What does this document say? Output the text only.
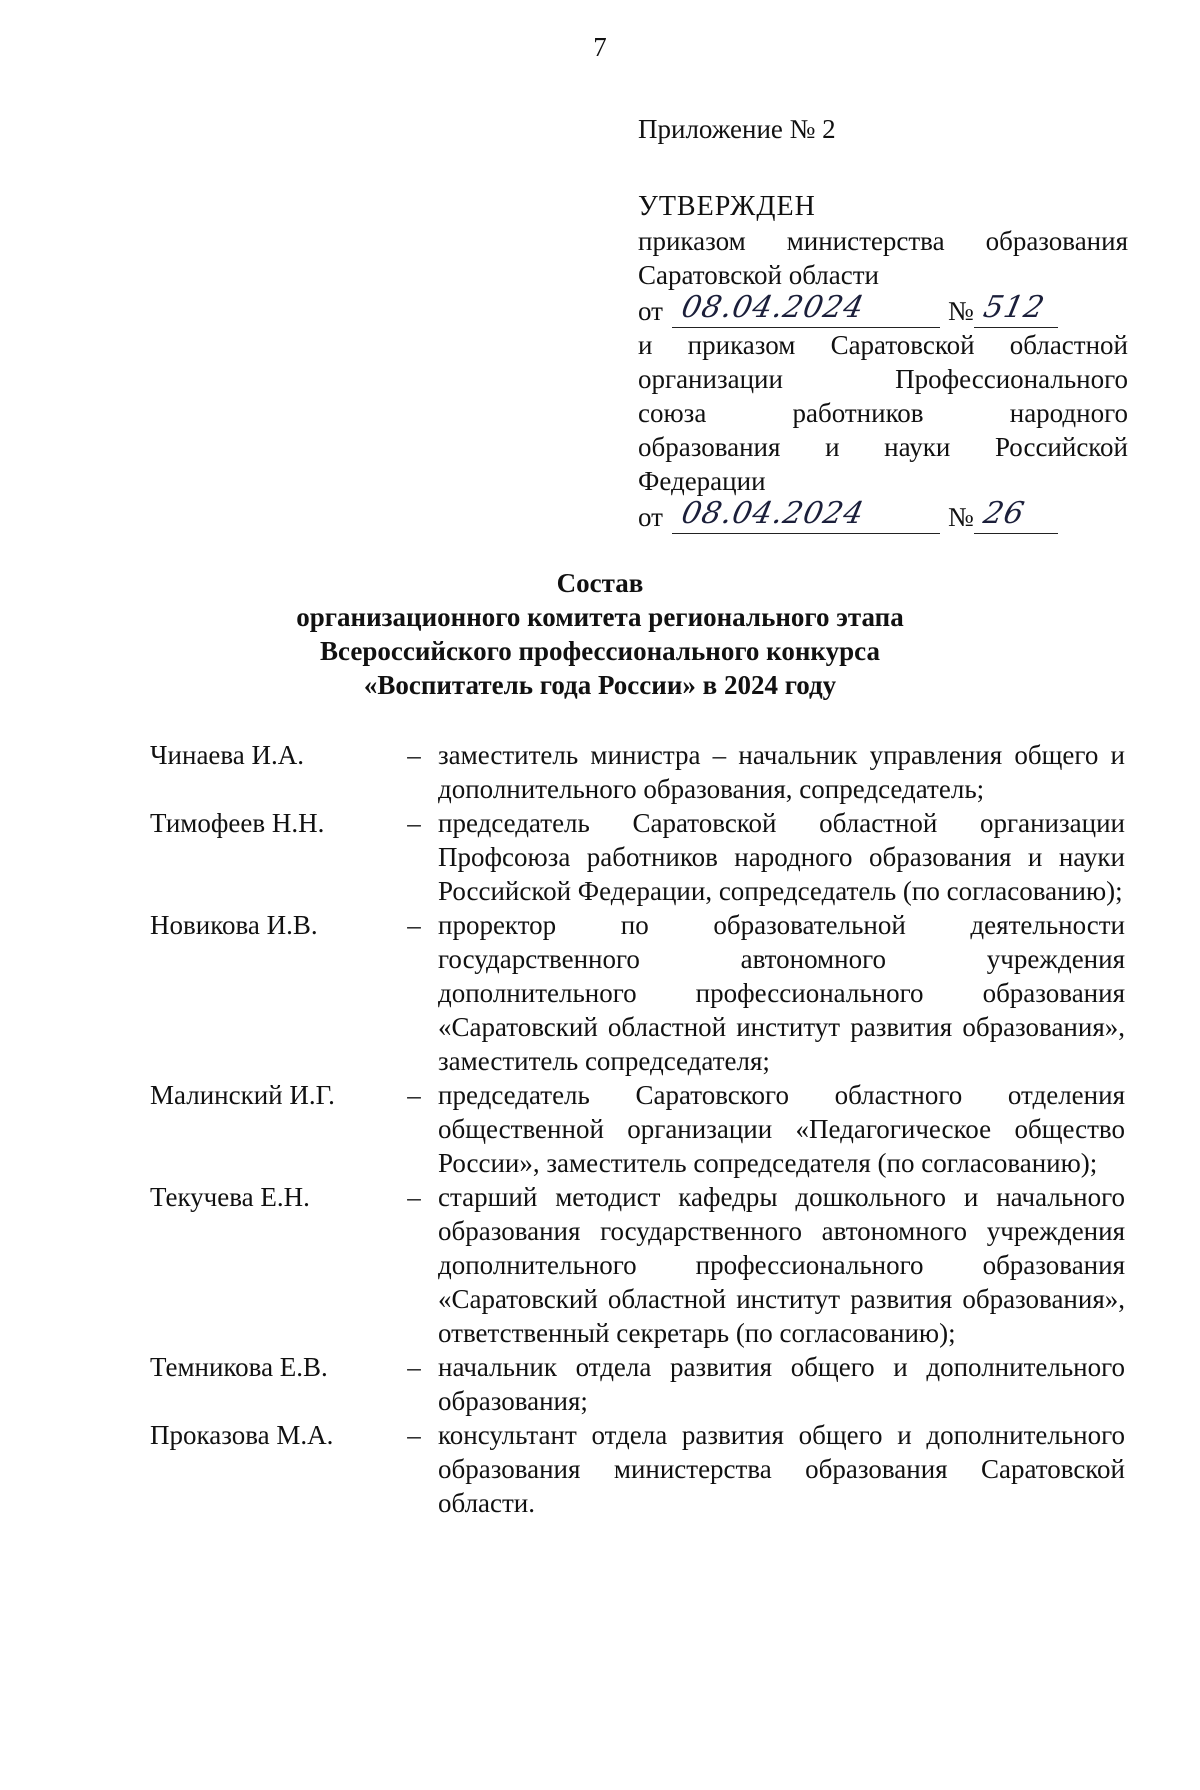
7
Приложение № 2
УТВЕРЖДЕН
приказом министерства образования
Саратовской области
от 08.04.2024	№ 512
и приказом Саратовской областной
организации Профессионального
союза работников народного
образования и науки Российской
Федерации
от 08.04.2024	№ 26
Состав
организационного комитета регионального этапа
Всероссийского профессионального конкурса
«Воспитатель года России» в 2024 году
Чинаева И.А.	– заместитель министра – начальник управления общего и дополнительного образования, сопредседатель;
Тимофеев Н.Н.	– председатель Саратовской областной организации Профсоюза работников народного образования и науки Российской Федерации, сопредседатель (по согласованию);
Новикова И.В.	– проректор по образовательной деятельности государственного автономного учреждения дополнительного профессионального образования «Саратовский областной институт развития образования», заместитель сопредседателя;
Малинский И.Г.	– председатель Саратовского областного отделения общественной организации «Педагогическое общество России», заместитель сопредседателя (по согласованию);
Текучева Е.Н.	– старший методист кафедры дошкольного и начального образования государственного автономного учреждения дополнительного профессионального образования «Саратовский областной институт развития образования», ответственный секретарь (по согласованию);
Темникова Е.В.	– начальник отдела развития общего и дополнительного образования;
Проказова М.А.	– консультант отдела развития общего и дополнительного образования министерства образования Саратовской области.
